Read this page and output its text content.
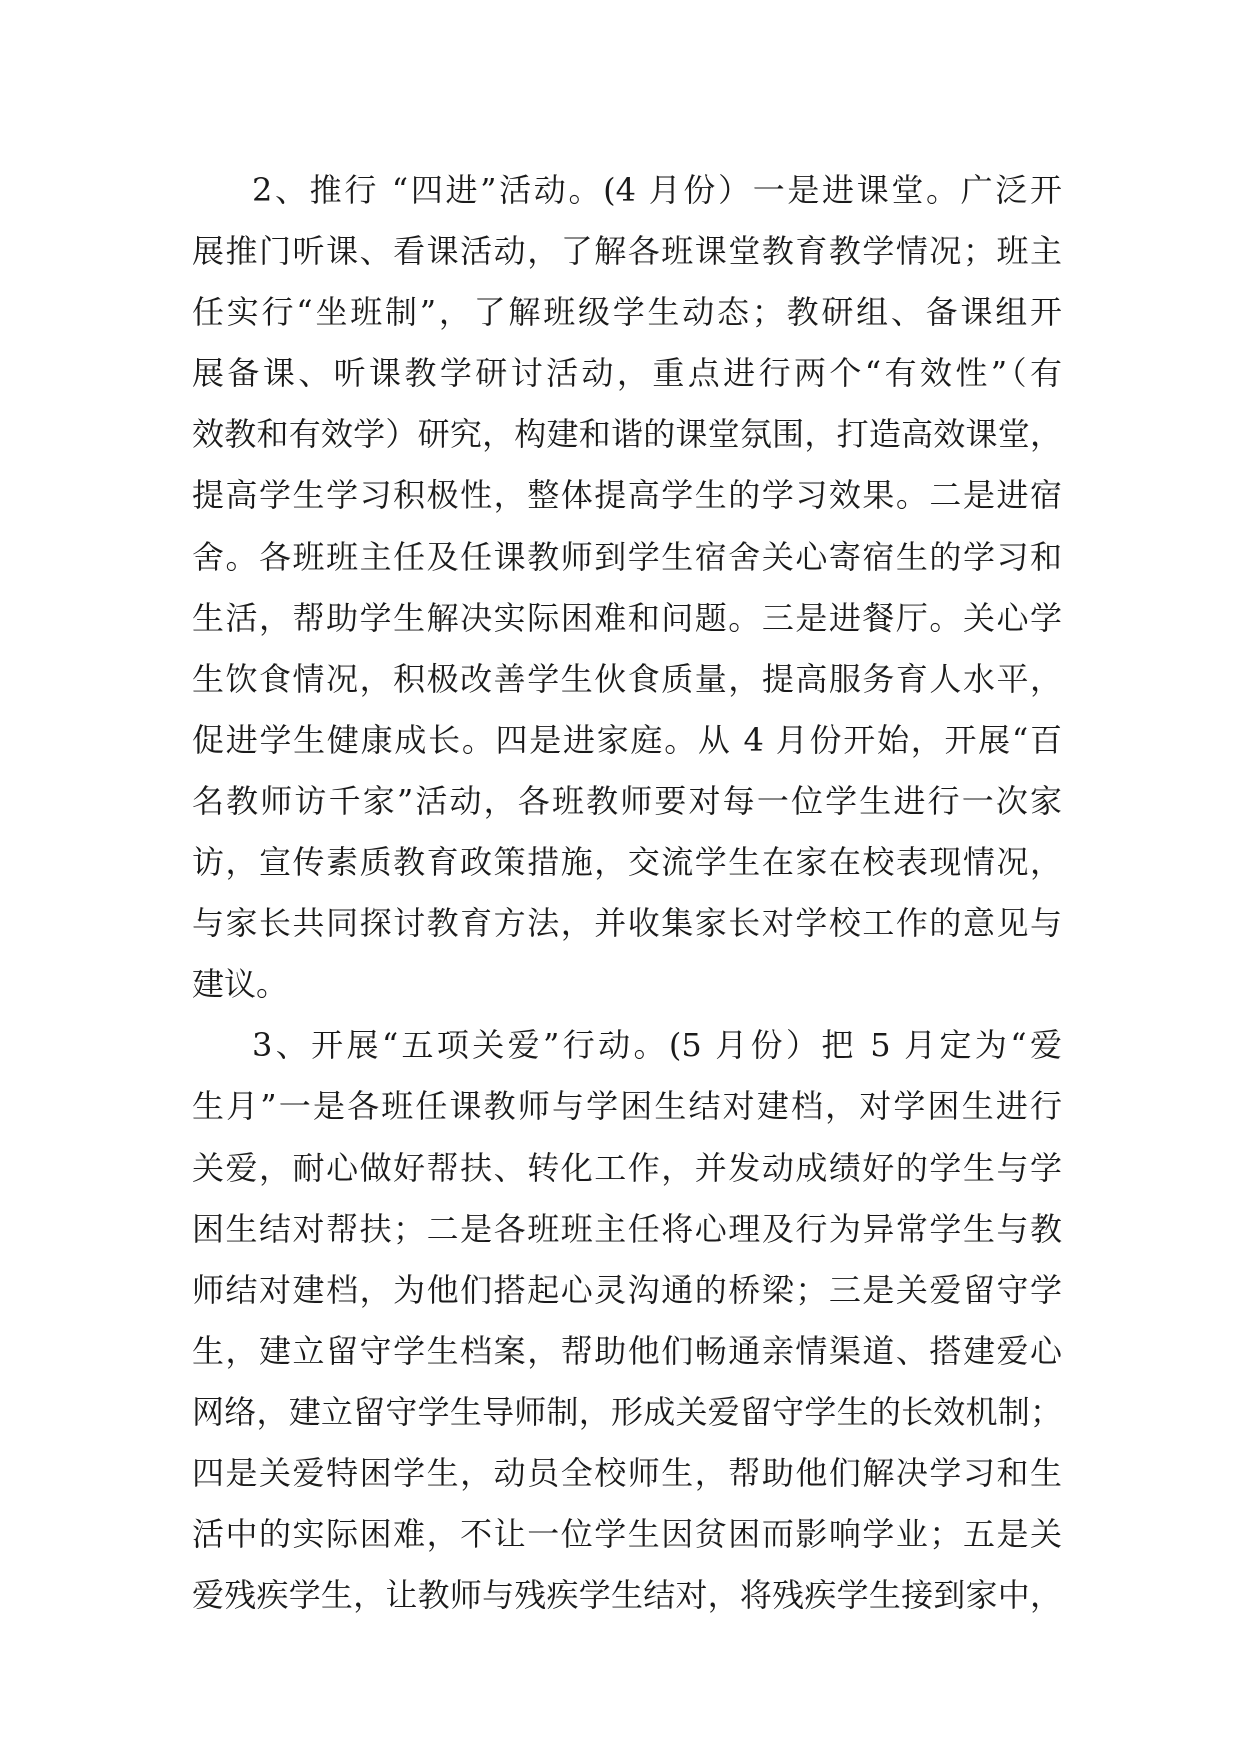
2、推行 “四进”活动。(4 月份）一是进课堂。广泛开
展推门听课、看课活动，了解各班课堂教育教学情况；班主
任实行“坐班制”，了解班级学生动态；教研组、备课组开
展备课、听课教学研讨活动，重点进行两个“有效性”（有
效教和有效学）研究，构建和谐的课堂氛围，打造高效课堂，
提高学生学习积极性，整体提高学生的学习效果。二是进宿
舍。各班班主任及任课教师到学生宿舍关心寄宿生的学习和
生活，帮助学生解决实际困难和问题。三是进餐厅。关心学
生饮食情况，积极改善学生伙食质量，提高服务育人水平，
促进学生健康成长。四是进家庭。从 4 月份开始，开展“百
名教师访千家”活动，各班教师要对每一位学生进行一次家
访，宣传素质教育政策措施，交流学生在家在校表现情况，
与家长共同探讨教育方法，并收集家长对学校工作的意见与
建议。
3、开展“五项关爱”行动。(5 月份）把 5 月定为“爱
生月”一是各班任课教师与学困生结对建档，对学困生进行
关爱，耐心做好帮扶、转化工作，并发动成绩好的学生与学
困生结对帮扶；二是各班班主任将心理及行为异常学生与教
师结对建档，为他们搭起心灵沟通的桥梁；三是关爱留守学
生，建立留守学生档案，帮助他们畅通亲情渠道、搭建爱心
网络，建立留守学生导师制，形成关爱留守学生的长效机制；
四是关爱特困学生，动员全校师生，帮助他们解决学习和生
活中的实际困难，不让一位学生因贫困而影响学业；五是关
爱残疾学生，让教师与残疾学生结对，将残疾学生接到家中，
